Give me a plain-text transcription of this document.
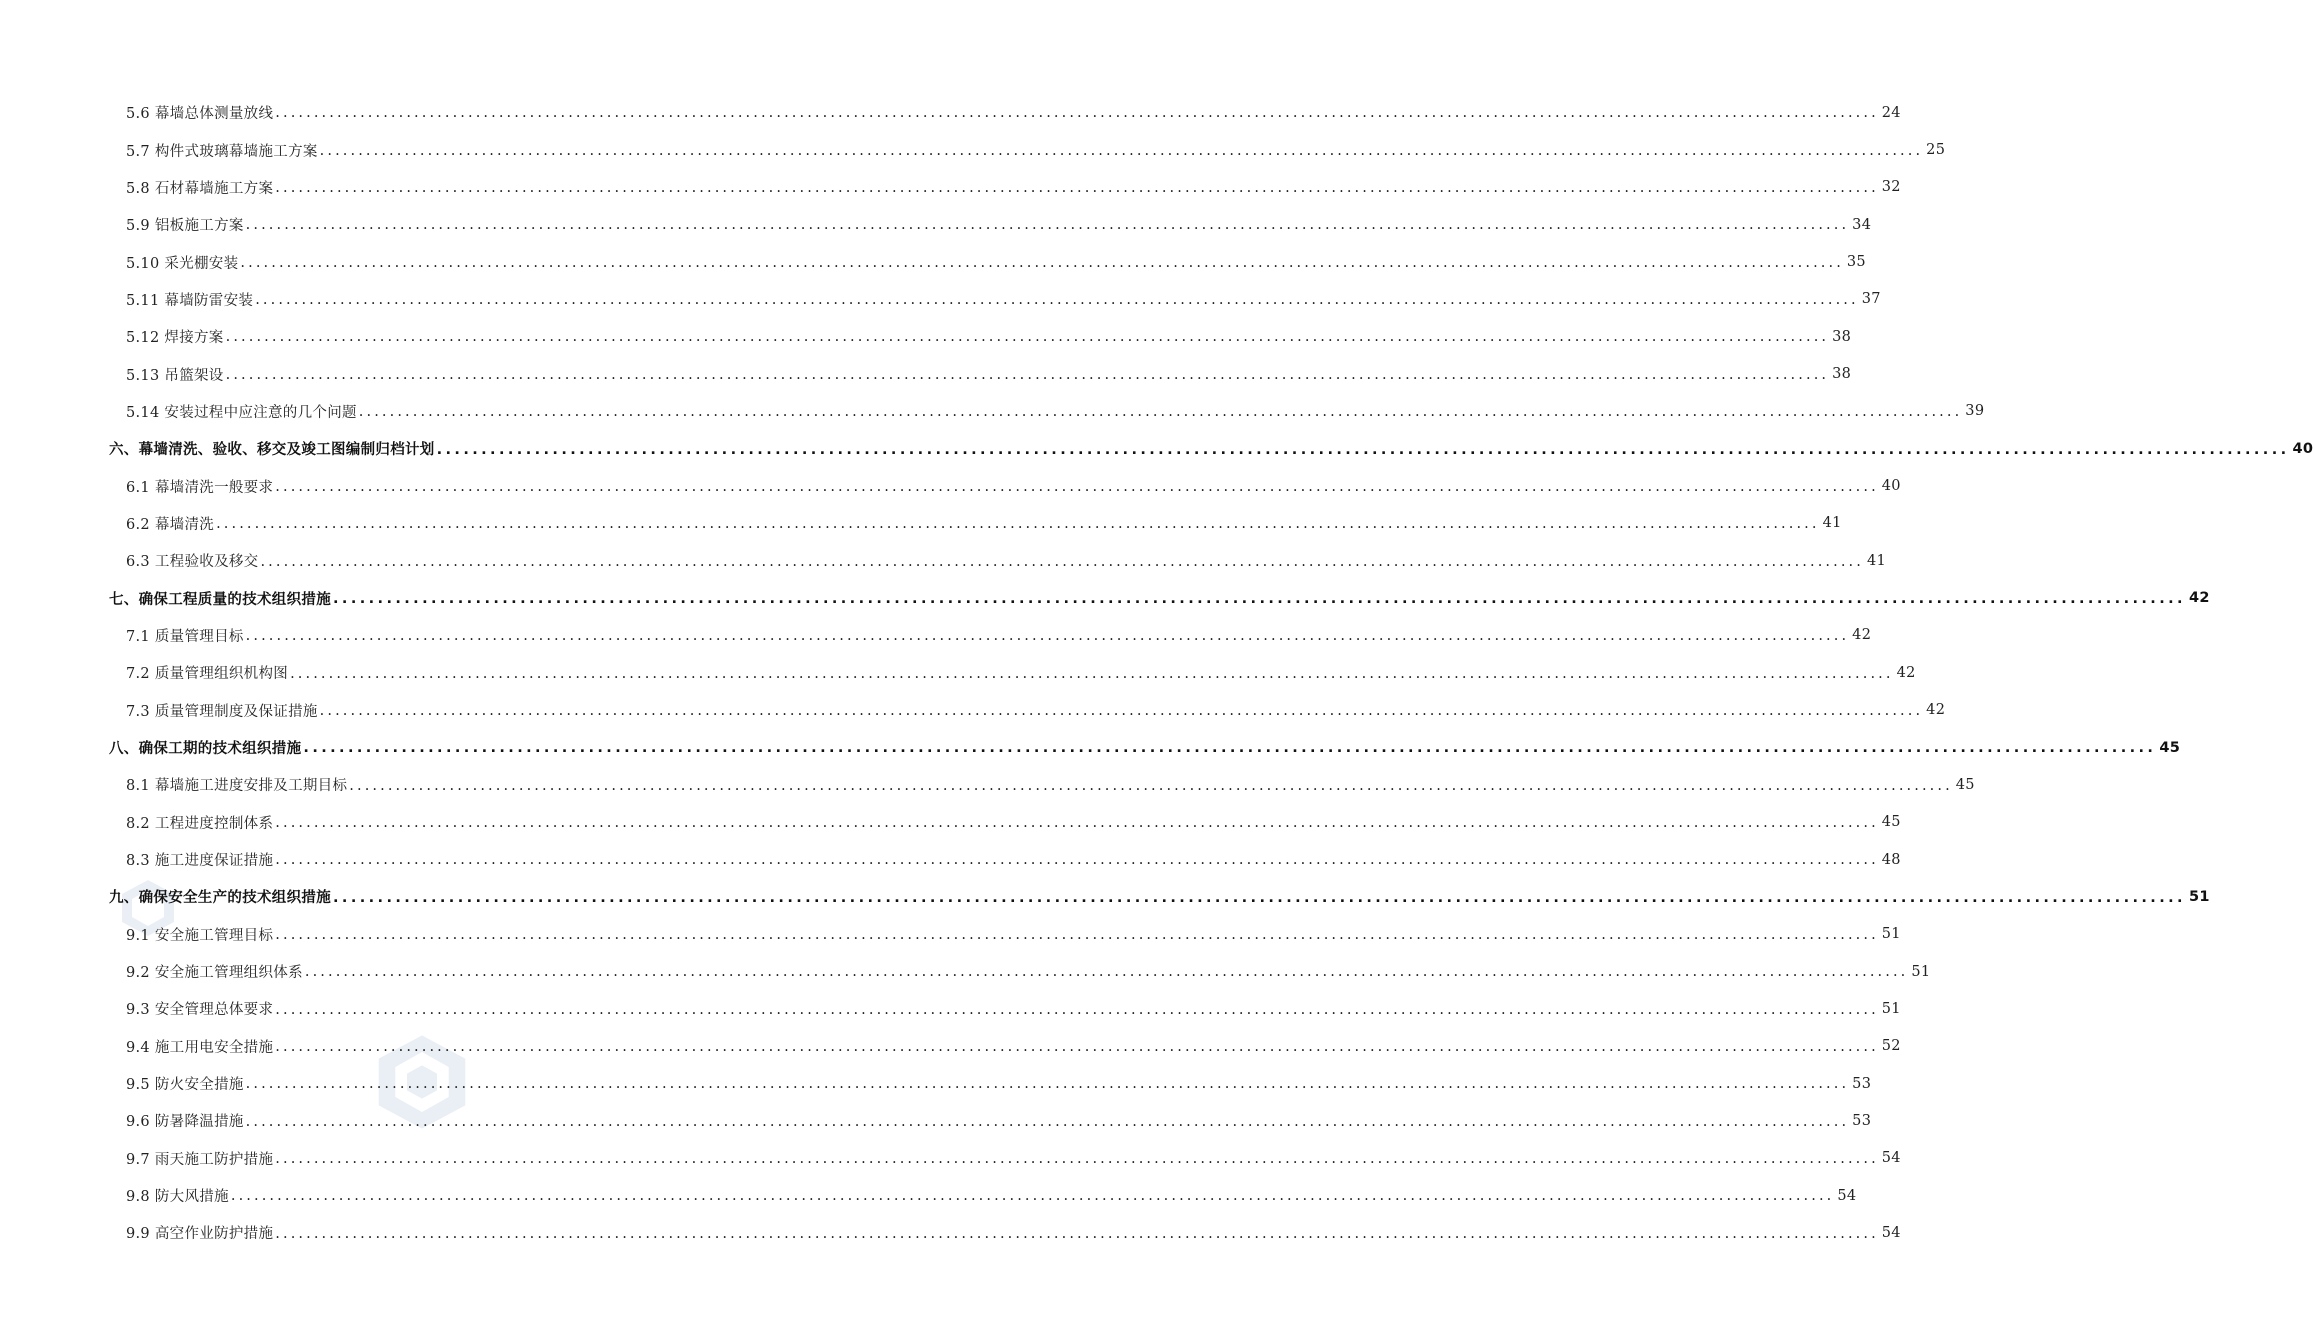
5.6 幕墙总体测量放线 ................................................................................................................................................................................................................ 24
5.7 构件式玻璃幕墙施工方案 ................................................................................................................................................................................................................ 25
5.8 石材幕墙施工方案 ................................................................................................................................................................................................................ 32
5.9 铝板施工方案 ................................................................................................................................................................................................................ 34
5.10 采光棚安装 ................................................................................................................................................................................................................ 35
5.11 幕墙防雷安装 ................................................................................................................................................................................................................ 37
5.12 焊接方案 ................................................................................................................................................................................................................ 38
5.13 吊篮架设 ................................................................................................................................................................................................................ 38
5.14 安装过程中应注意的几个问题 ................................................................................................................................................................................................................ 39
六、幕墙清洗、验收、移交及竣工图编制归档计划 ................................................................................................................................................................................................................ 40
6.1 幕墙清洗一般要求 ................................................................................................................................................................................................................ 40
6.2 幕墙清洗 ................................................................................................................................................................................................................ 41
6.3 工程验收及移交 ................................................................................................................................................................................................................ 41
七、确保工程质量的技术组织措施 ................................................................................................................................................................................................................ 42
7.1 质量管理目标 ................................................................................................................................................................................................................ 42
7.2 质量管理组织机构图 ................................................................................................................................................................................................................ 42
7.3 质量管理制度及保证措施 ................................................................................................................................................................................................................ 42
八、确保工期的技术组织措施 ................................................................................................................................................................................................................ 45
8.1 幕墙施工进度安排及工期目标 ................................................................................................................................................................................................................ 45
8.2 工程进度控制体系 ................................................................................................................................................................................................................ 45
8.3 施工进度保证措施 ................................................................................................................................................................................................................ 48
九、确保安全生产的技术组织措施 ................................................................................................................................................................................................................ 51
9.1 安全施工管理目标 ................................................................................................................................................................................................................ 51
9.2 安全施工管理组织体系 ................................................................................................................................................................................................................ 51
9.3 安全管理总体要求 ................................................................................................................................................................................................................ 51
9.4 施工用电安全措施 ................................................................................................................................................................................................................ 52
9.5 防火安全措施 ................................................................................................................................................................................................................ 53
9.6 防暑降温措施 ................................................................................................................................................................................................................ 53
9.7 雨天施工防护措施 ................................................................................................................................................................................................................ 54
9.8 防大风措施 ................................................................................................................................................................................................................ 54
9.9 高空作业防护措施 ................................................................................................................................................................................................................ 54
